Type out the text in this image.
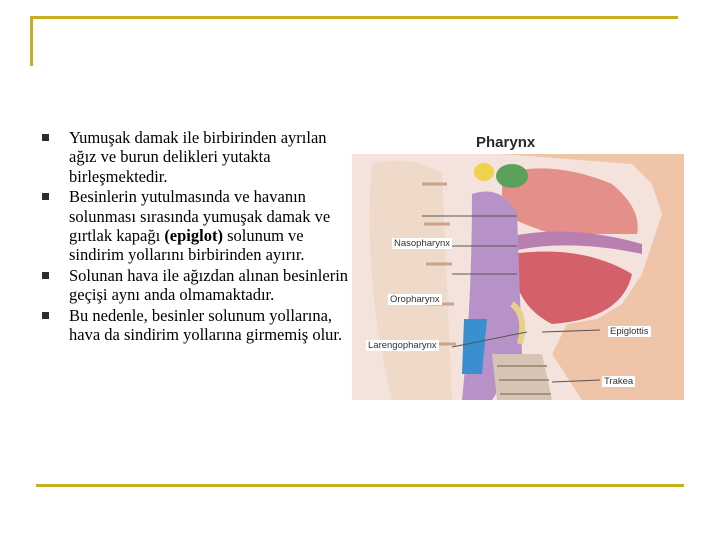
Yumuşak damak ile birbirinden ayrılan ağız ve burun delikleri yutakta birleşmektedir.
Besinlerin yutulmasında ve havanın solunması sırasında yumuşak damak ve gırtlak kapağı (epiglot) solunum ve sindirim yollarını birbirinden ayırır.
Solunan hava ile ağızdan alınan besinlerin geçişi aynı anda olmamaktadır.
Bu nedenle, besinler solunum yollarına, hava da sindirim yollarına girmemiş olur.
Pharynx
Nasopharynx
Oropharynx
Larengopharynx
Epiglottis
Trakea
